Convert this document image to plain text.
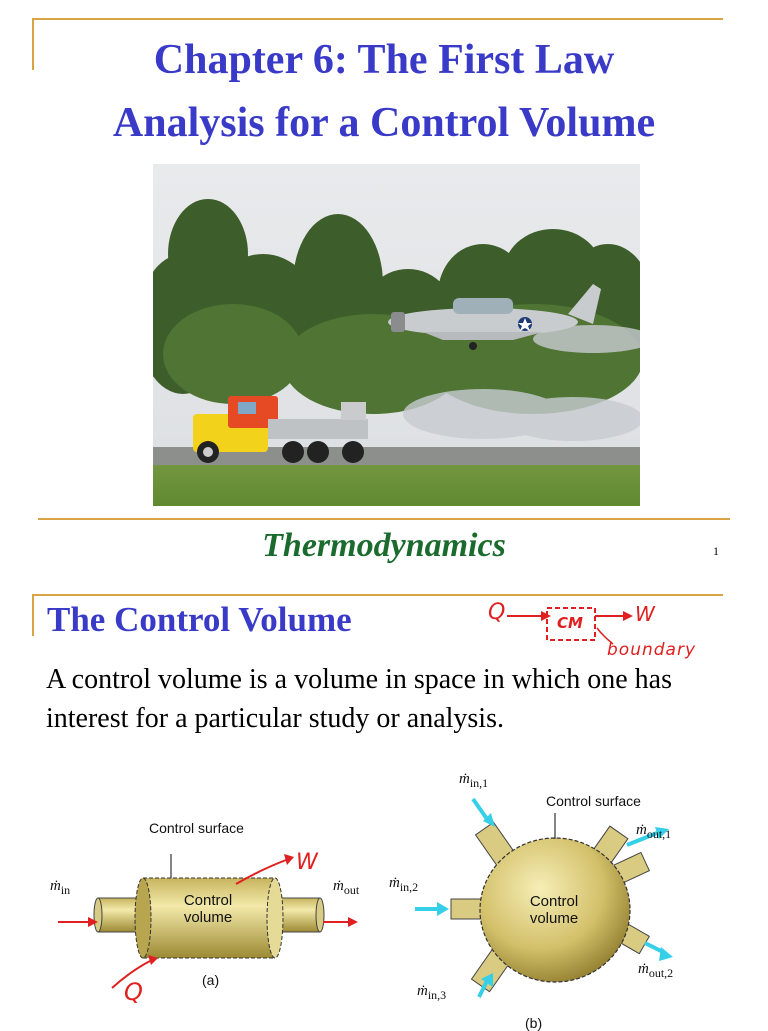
Chapter 6: The First Law
Analysis for a Control Volume
Thermodynamics	1
The Control Volume	Q	CM	W
boundary
A control volume is a volume in space in which one has interest for a particular study or analysis.
Control surface
Control
volume
ṁ$_{in}$	ṁ$_{out}$
(a)
W
Q
Control surface
Control
volume
ṁ$_{in,1}$
ṁ$_{in,2}$
ṁ$_{in,3}$
ṁ$_{out,1}$
ṁ$_{out,2}$
(b)
